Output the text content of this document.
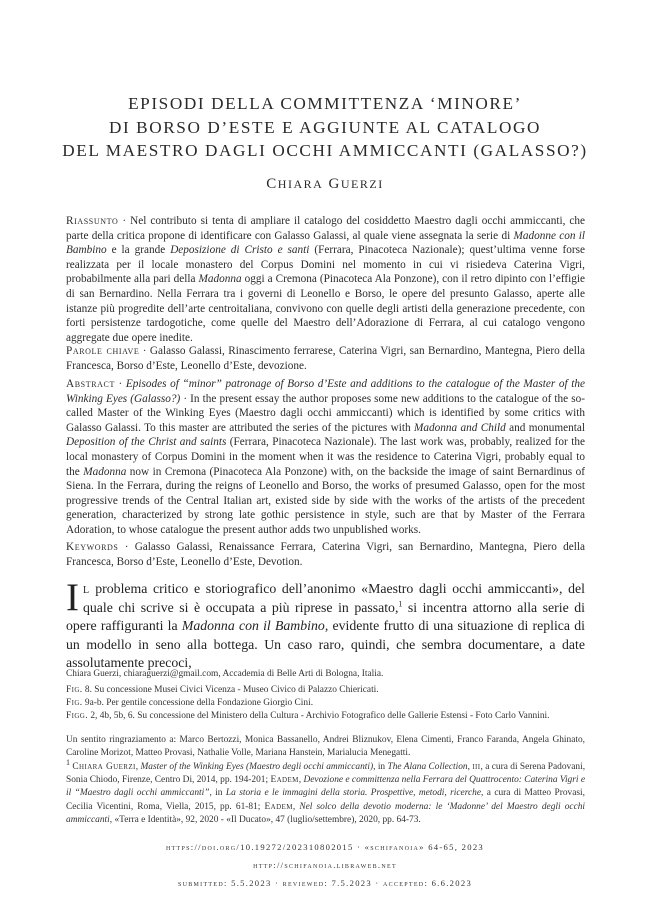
EPISODI DELLA COMMITTENZA ‘MINORE’
DI BORSO D’ESTE E AGGIUNTE AL CATALOGO
DEL MAESTRO DAGLI OCCHI AMMICCANTI (GALASSO?)
CHIARA GUERZI
Riassunto · Nel contributo si tenta di ampliare il catalogo del cosiddetto Maestro dagli occhi ammiccanti, che parte della critica propone di identificare con Galasso Galassi, al quale viene assegnata la serie di Madonne con il Bambino e la grande Deposizione di Cristo e santi (Ferrara, Pinacoteca Nazionale); quest’ultima venne forse realizzata per il locale monastero del Corpus Domini nel momento in cui vi risiedeva Caterina Vigri, probabilmente alla pari della Madonna oggi a Cremona (Pinacoteca Ala Ponzone), con il retro dipinto con l’effigie di san Bernardino. Nella Ferrara tra i governi di Leonello e Borso, le opere del presunto Galasso, aperte alle istanze più progredite dell’arte centroitaliana, convivono con quelle degli artisti della generazione precedente, con forti persistenze tardogotiche, come quelle del Maestro dell’Adorazione di Ferrara, al cui catalogo vengono aggregate due opere inedite.
Parole chiave · Galasso Galassi, Rinascimento ferrarese, Caterina Vigri, san Bernardino, Mantegna, Piero della Francesca, Borso d’Este, Leonello d’Este, devozione.
Abstract · Episodes of “minor” patronage of Borso d’Este and additions to the catalogue of the Master of the Winking Eyes (Galasso?) · In the present essay the author proposes some new additions to the catalogue of the so-called Master of the Winking Eyes (Maestro dagli occhi ammiccanti) which is identified by some critics with Galasso Galassi. To this master are attributed the series of the pictures with Madonna and Child and monumental Deposition of the Christ and saints (Ferrara, Pinacoteca Nazionale). The last work was, probably, realized for the local monastery of Corpus Domini in the moment when it was the residence to Caterina Vigri, probably equal to the Madonna now in Cremona (Pinacoteca Ala Ponzone) with, on the backside the image of saint Bernardinus of Siena. In the Ferrara, during the reigns of Leonello and Borso, the works of presumed Galasso, open for the most progressive trends of the Central Italian art, existed side by side with the works of the artists of the precedent generation, characterized by strong late gothic persistence in style, such are that by Master of the Ferrara Adoration, to whose catalogue the present author adds two unpublished works.
Keywords · Galasso Galassi, Renaissance Ferrara, Caterina Vigri, san Bernardino, Mantegna, Piero della Francesca, Borso d’Este, Leonello d’Este, Devotion.
Il problema critico e storiografico dell’anonimo «Maestro dagli occhi ammiccanti», del quale chi scrive si è occupata a più riprese in passato,$^1$ si incentra attorno alla serie di opere raffiguranti la Madonna con il Bambino, evidente frutto di una situazione di replica di un modello in seno alla bottega. Un caso raro, quindi, che sembra documentare, a date assolutamente precoci,
Chiara Guerzi, chiaraguerzi@gmail.com, Accademia di Belle Arti di Bologna, Italia.

Fig. 8. Su concessione Musei Civici Vicenza - Museo Civico di Palazzo Chiericati.

Fig. 9a-b. Per gentile concessione della Fondazione Giorgio Cini.

Figg. 2, 4b, 5b, 6. Su concessione del Ministero della Cultura - Archivio Fotografico delle Gallerie Estensi - Foto Carlo Vannini.

Un sentito ringraziamento a: Marco Bertozzi, Monica Bassanello, Andrei Bliznukov, Elena Cimenti, Franco Faranda, Angela Ghinato, Caroline Morizot, Matteo Provasi, Nathalie Volle, Mariana Hanstein, Marialucia Menegatti.
1 Chiara Guerzi, Master of the Winking Eyes (Maestro degli occhi ammiccanti), in The Alana Collection, iii, a cura di Serena Padovani, Sonia Chiodo, Firenze, Centro Di, 2014, pp. 194-201; Eadem, Devozione e committenza nella Ferrara del Quattrocento: Caterina Vigri e il “Maestro dagli occhi ammiccanti”, in La storia e le immagini della storia. Prospettive, metodi, ricerche, a cura di Matteo Provasi, Cecilia Vicentini, Roma, Viella, 2015, pp. 61-81; Eadem, Nel solco della devotio moderna: le ‘Madonne’ del Maestro degli occhi ammiccanti, «Terra e Identità», 92, 2020 - «Il Ducato», 47 (luglio/settembre), 2020, pp. 64-73.
https://doi.org/10.19272/202310802015 · «schifanoia» 64-65, 2023
http://schifanoia.libraweb.net
submitted: 5.5.2023 · reviewed: 7.5.2023 · accepted: 6.6.2023
